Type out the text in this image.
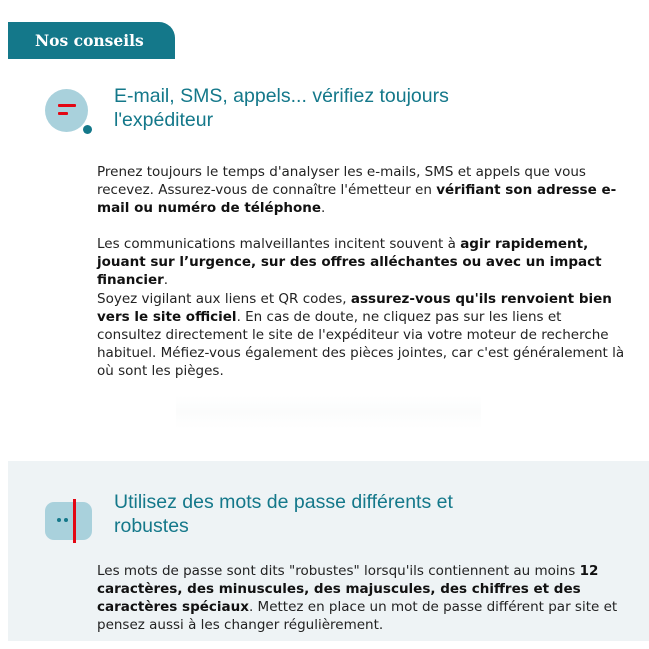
Nos conseils
E-mail, SMS, appels... vérifiez toujours l'expéditeur

Prenez toujours le temps d'analyser les e-mails, SMS et appels que vous recevez. Assurez-vous de connaître l'émetteur en vérifiant son adresse e-mail ou numéro de téléphone.

Les communications malveillantes incitent souvent à agir rapidement, jouant sur l’urgence, sur des offres alléchantes ou avec un impact financier.

Soyez vigilant aux liens et QR codes, assurez-vous qu'ils renvoient bien vers le site officiel. En cas de doute, ne cliquez pas sur les liens et consultez directement le site de l'expéditeur via votre moteur de recherche habituel. Méfiez-vous également des pièces jointes, car c'est généralement là où sont les pièges.

Utilisez des mots de passe différents et robustes

Les mots de passe sont dits "robustes" lorsqu'ils contiennent au moins 12 caractères, des minuscules, des majuscules, des chiffres et des caractères spéciaux. Mettez en place un mot de passe différent par site et pensez aussi à les changer régulièrement.
